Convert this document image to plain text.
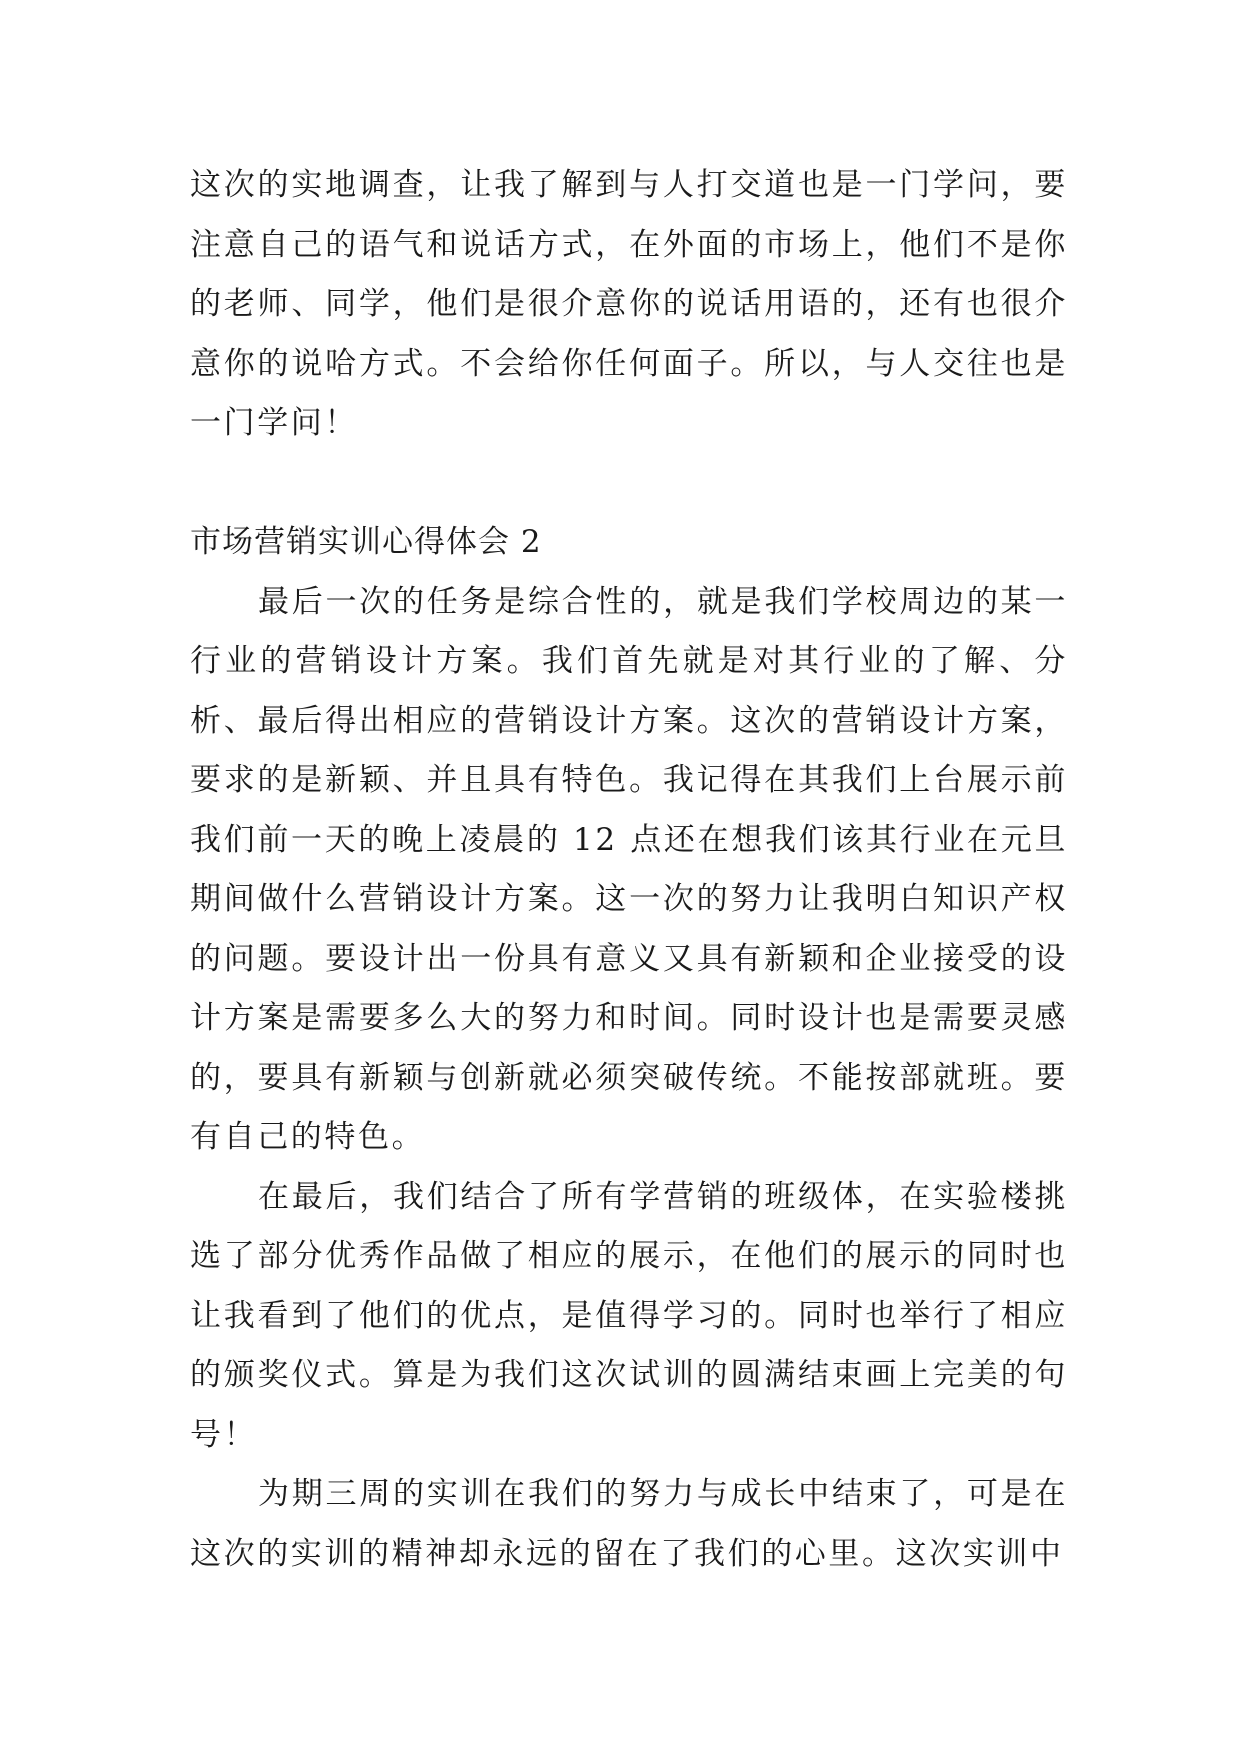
这次的实地调查，让我了解到与人打交道也是一门学问，要注意自己的语气和说话方式，在外面的市场上，他们不是你的老师、同学，他们是很介意你的说话用语的，还有也很介意你的说哈方式。不会给你任何面子。所以，与人交往也是一门学问！

市场营销实训心得体会 2

最后一次的任务是综合性的，就是我们学校周边的某一行业的营销设计方案。我们首先就是对其行业的了解、分析、最后得出相应的营销设计方案。这次的营销设计方案，要求的是新颖、并且具有特色。我记得在其我们上台展示前我们前一天的晚上凌晨的 12 点还在想我们该其行业在元旦期间做什么营销设计方案。这一次的努力让我明白知识产权的问题。要设计出一份具有意义又具有新颖和企业接受的设计方案是需要多么大的努力和时间。同时设计也是需要灵感的，要具有新颖与创新就必须突破传统。不能按部就班。要有自己的特色。

在最后，我们结合了所有学营销的班级体，在实验楼挑选了部分优秀作品做了相应的展示，在他们的展示的同时也让我看到了他们的优点，是值得学习的。同时也举行了相应的颁奖仪式。算是为我们这次试训的圆满结束画上完美的句号！

为期三周的实训在我们的努力与成长中结束了，可是在这次的实训的精神却永远的留在了我们的心里。这次实训中
